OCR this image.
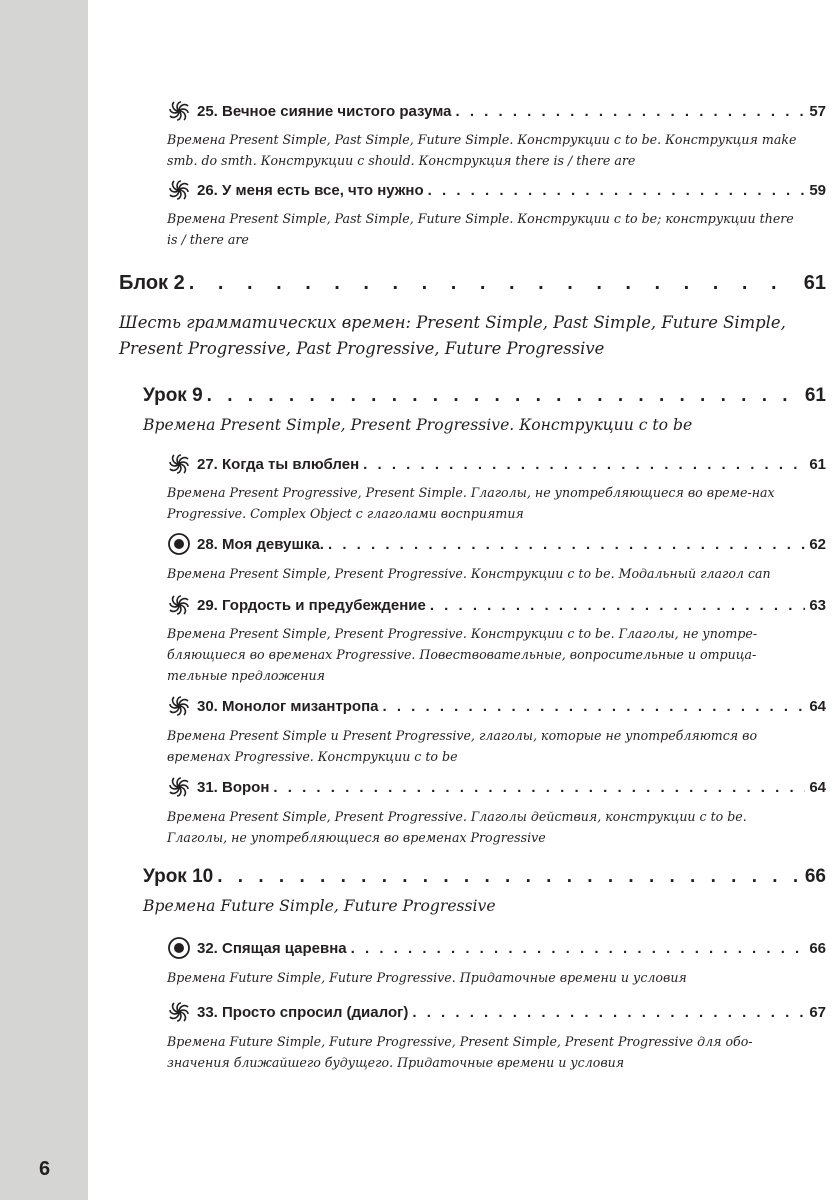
25. Вечное сияние чистого разума . . .	57
Времена Present Simple, Past Simple, Future Simple. Конструкции с to be. Конструкция make smb. do smth. Конструкции с should. Конструкция there is / there are
26. У меня есть все, что нужно . . .	59
Времена Present Simple, Past Simple, Future Simple. Конструкции с to be; конструкции there is / there are
Блок 2 . . .	61
Шесть грамматических времен: Present Simple, Past Simple, Future Simple, Present Progressive, Past Progressive, Future Progressive
Урок 9 . . .	61
Времена Present Simple, Present Progressive. Конструкции с to be
27. Когда ты влюблен . . .	61
Времена Present Progressive, Present Simple. Глаголы, не употребляющиеся во време-нах Progressive. Complex Object с глаголами восприятия
28. Моя девушка. . . .	62
Времена Present Simple, Present Progressive. Конструкции с to be. Модальный глагол can
29. Гордость и предубеждение . . .	63
Времена Present Simple, Present Progressive. Конструкции с to be. Глаголы, не употре-бляющиеся во временах Progressive. Повествовательные, вопросительные и отрица-тельные предложения
30. Монолог мизантропа . . .	64
Времена Present Simple и Present Progressive, глаголы, которые не употребляются во временах Progressive. Конструкции с to be
31. Ворон . . .	64
Времена Present Simple, Present Progressive. Глаголы действия, конструкции с to be. Глаголы, не употребляющиеся во временах Progressive
Урок 10 . . .	66
Времена Future Simple, Future Progressive
32. Спящая царевна . . .	66
Времена Future Simple, Future Progressive. Придаточные времени и условия
33. Просто спросил (диалог) . . .	67
Времена Future Simple, Future Progressive, Present Simple, Present Progressive для обо-значения ближайшего будущего. Придаточные времени и условия
6
